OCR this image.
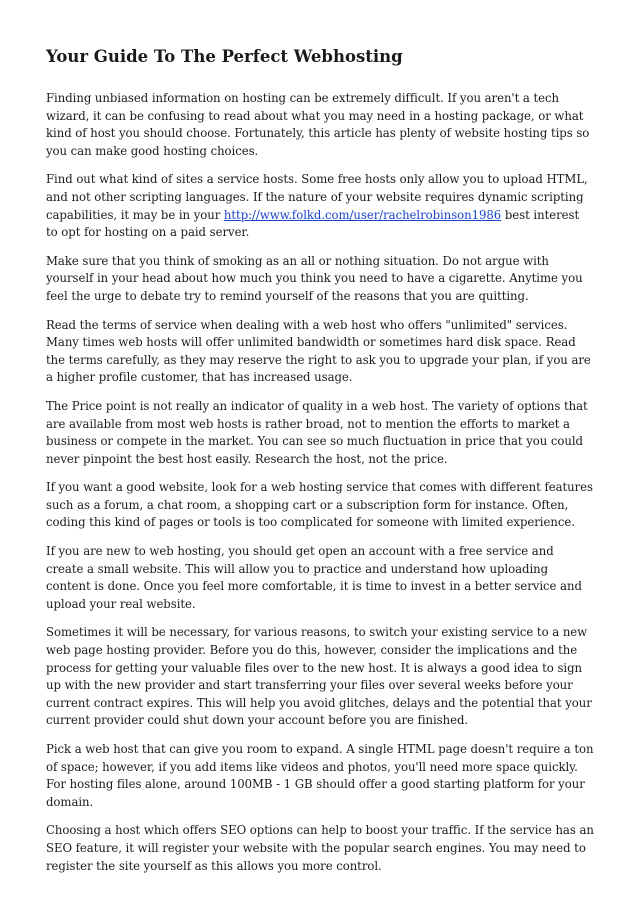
Your Guide To The Perfect Webhosting

Finding unbiased information on hosting can be extremely difficult. If you aren't a tech wizard, it can be confusing to read about what you may need in a hosting package, or what kind of host you should choose. Fortunately, this article has plenty of website hosting tips so you can make good hosting choices.

Find out what kind of sites a service hosts. Some free hosts only allow you to upload HTML, and not other scripting languages. If the nature of your website requires dynamic scripting capabilities, it may be in your http://www.folkd.com/user/rachelrobinson1986 best interest to opt for hosting on a paid server.

Make sure that you think of smoking as an all or nothing situation. Do not argue with yourself in your head about how much you think you need to have a cigarette. Anytime you feel the urge to debate try to remind yourself of the reasons that you are quitting.

Read the terms of service when dealing with a web host who offers "unlimited" services. Many times web hosts will offer unlimited bandwidth or sometimes hard disk space. Read the terms carefully, as they may reserve the right to ask you to upgrade your plan, if you are a higher profile customer, that has increased usage.

The Price point is not really an indicator of quality in a web host. The variety of options that are available from most web hosts is rather broad, not to mention the efforts to market a business or compete in the market. You can see so much fluctuation in price that you could never pinpoint the best host easily. Research the host, not the price.

If you want a good website, look for a web hosting service that comes with different features such as a forum, a chat room, a shopping cart or a subscription form for instance. Often, coding this kind of pages or tools is too complicated for someone with limited experience.

If you are new to web hosting, you should get open an account with a free service and create a small website. This will allow you to practice and understand how uploading content is done. Once you feel more comfortable, it is time to invest in a better service and upload your real website.

Sometimes it will be necessary, for various reasons, to switch your existing service to a new web page hosting provider. Before you do this, however, consider the implications and the process for getting your valuable files over to the new host. It is always a good idea to sign up with the new provider and start transferring your files over several weeks before your current contract expires. This will help you avoid glitches, delays and the potential that your current provider could shut down your account before you are finished.

Pick a web host that can give you room to expand. A single HTML page doesn't require a ton of space; however, if you add items like videos and photos, you'll need more space quickly. For hosting files alone, around 100MB - 1 GB should offer a good starting platform for your domain.

Choosing a host which offers SEO options can help to boost your traffic. If the service has an SEO feature, it will register your website with the popular search engines. You may need to register the site yourself as this allows you more control.
